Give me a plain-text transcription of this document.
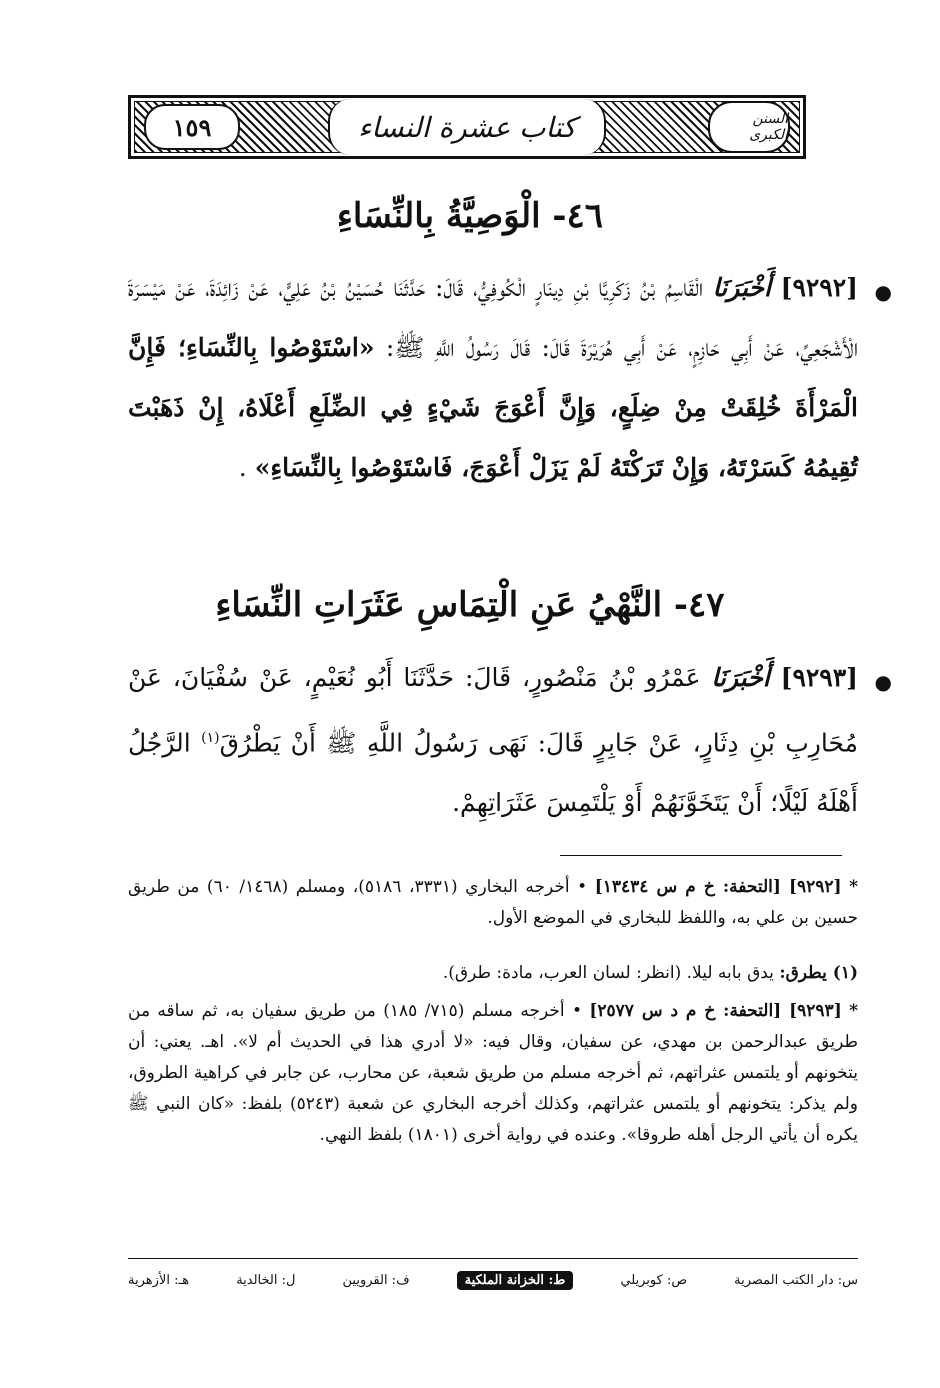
كتاب عشرة النساء
١٥٩	السنن الكبرى
٤٦- الْوَصِيَّةُ بِالنِّسَاءِ
●
[٩٢٩٢] أَخْبَرَنَا الْقَاسِمُ بْنُ زَكَرِيَّا بْنِ دِينَارٍ الْكُوفِيُّ، قَالَ: حَدَّثَنَا حُسَيْنُ بْنُ عَلِيٍّ، عَنْ زَائِدَةَ، عَنْ مَيْسَرَةَ الْأَشْجَعِيِّ، عَنْ أَبِي حَازِمٍ، عَنْ أَبِي هُرَيْرَةَ قَالَ: قَالَ رَسُولُ اللَّهِ ﷺ: «اسْتَوْصُوا بِالنِّسَاءِ؛ فَإِنَّ الْمَرْأَةَ خُلِقَتْ مِنْ ضِلَعٍ، وَإِنَّ أَعْوَجَ شَيْءٍ فِي الضِّلَعِ أَعْلَاهُ، إِنْ ذَهَبْتَ تُقِيمُهُ كَسَرْتَهُ، وَإِنْ تَرَكْتَهُ لَمْ يَزَلْ أَعْوَجَ، فَاسْتَوْصُوا بِالنِّسَاءِ» .
٤٧- النَّهْيُ عَنِ الْتِمَاسِ عَثَرَاتِ النِّسَاءِ
●
[٩٢٩٣] أَخْبَرَنَا عَمْرُو بْنُ مَنْصُورٍ، قَالَ: حَدَّثَنَا أَبُو نُعَيْمٍ، عَنْ سُفْيَانَ، عَنْ مُحَارِبِ بْنِ دِثَارٍ، عَنْ جَابِرٍ قَالَ: نَهَى رَسُولُ اللَّهِ ﷺ أَنْ يَطْرُقَ$^{(١)}$ الرَّجُلُ أَهْلَهُ لَيْلًا؛ أَنْ يَتَخَوَّنَهُمْ أَوْ يَلْتَمِسَ عَثَرَاتِهِمْ.
* [٩٢٩٢] [التحفة: خ م س ١٣٤٣٤] • أخرجه البخاري (٣٣٣١، ٥١٨٦)، ومسلم (١٤٦٨/ ٦٠) من طريق حسين بن علي به، واللفظ للبخاري في الموضع الأول.
(١) يطرق: يدق بابه ليلا. (انظر: لسان العرب، مادة: طرق).
* [٩٢٩٣] [التحفة: خ م د س ٢٥٧٧] • أخرجه مسلم (٧١٥/ ١٨٥) من طريق سفيان به، ثم ساقه من طريق عبدالرحمن بن مهدي، عن سفيان، وقال فيه: «لا أدري هذا في الحديث أم لا». اهـ. يعني: أن يتخونهم أو يلتمس عثراتهم، ثم أخرجه مسلم من طريق شعبة، عن محارب، عن جابر في كراهية الطروق، ولم يذكر: يتخونهم أو يلتمس عثراتهم، وكذلك أخرجه البخاري عن شعبة (٥٢٤٣) بلفظ: «كان النبي ﷺ يكره أن يأتي الرجل أهله طروقا». وعنده في رواية أخرى (١٨٠١) بلفظ النهي.
س: دار الكتب المصرية
ص: كوبريلي
ط: الخزانة الملكية
ف: القرويين
ل: الخالدية
هـ: الأزهرية
